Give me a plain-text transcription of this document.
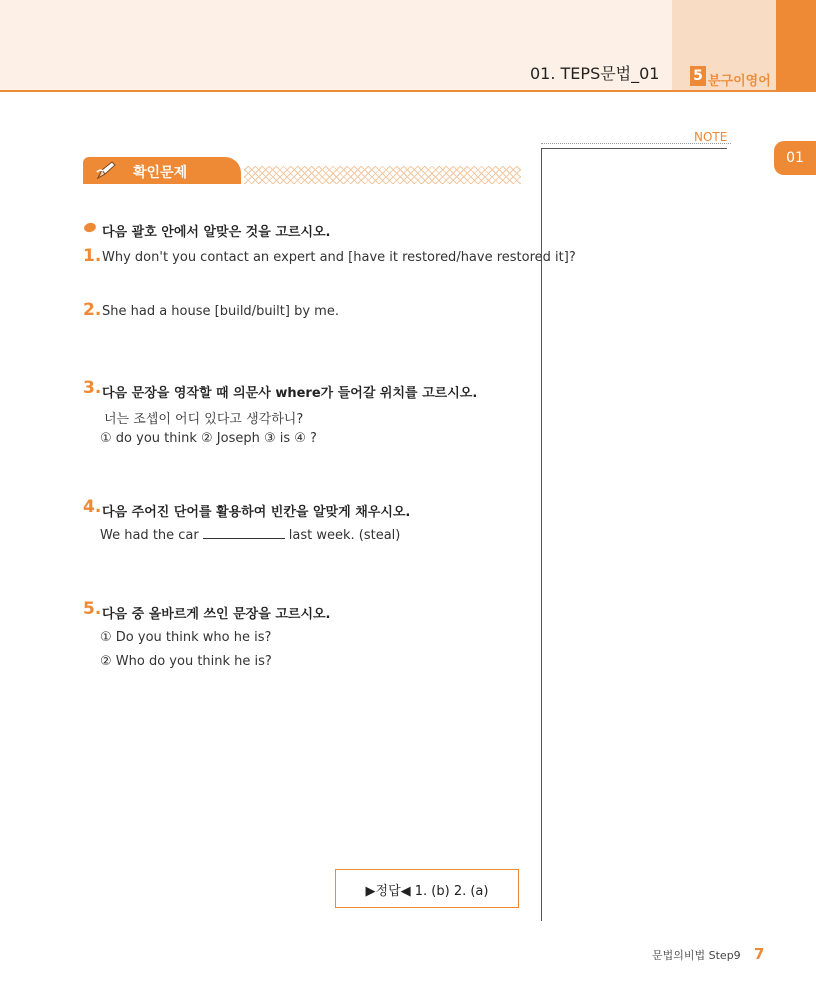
01. TEPS문법_01 5 분구이영어
01
NOTE
확인문제
다음 괄호 안에서 알맞은 것을 고르시오.
1. Why don't you contact an expert and [have it restored/have restored it]?
2. She had a house [build/built] by me.
3. 다음 문장을 영작할 때 의문사 where가 들어갈 위치를 고르시오.
너는 조셉이 어디 있다고 생각하니?
① do you think ② Joseph ③ is ④ ?
4. 다음 주어진 단어를 활용하여 빈칸을 알맞게 채우시오.
We had the car	last week. (steal)
5. 다음 중 올바르게 쓰인 문장을 고르시오.
① Do you think who he is?
② Who do you think he is?
▶정답◀ 1. (b) 2. (a)
문법의비법 Step9 7
